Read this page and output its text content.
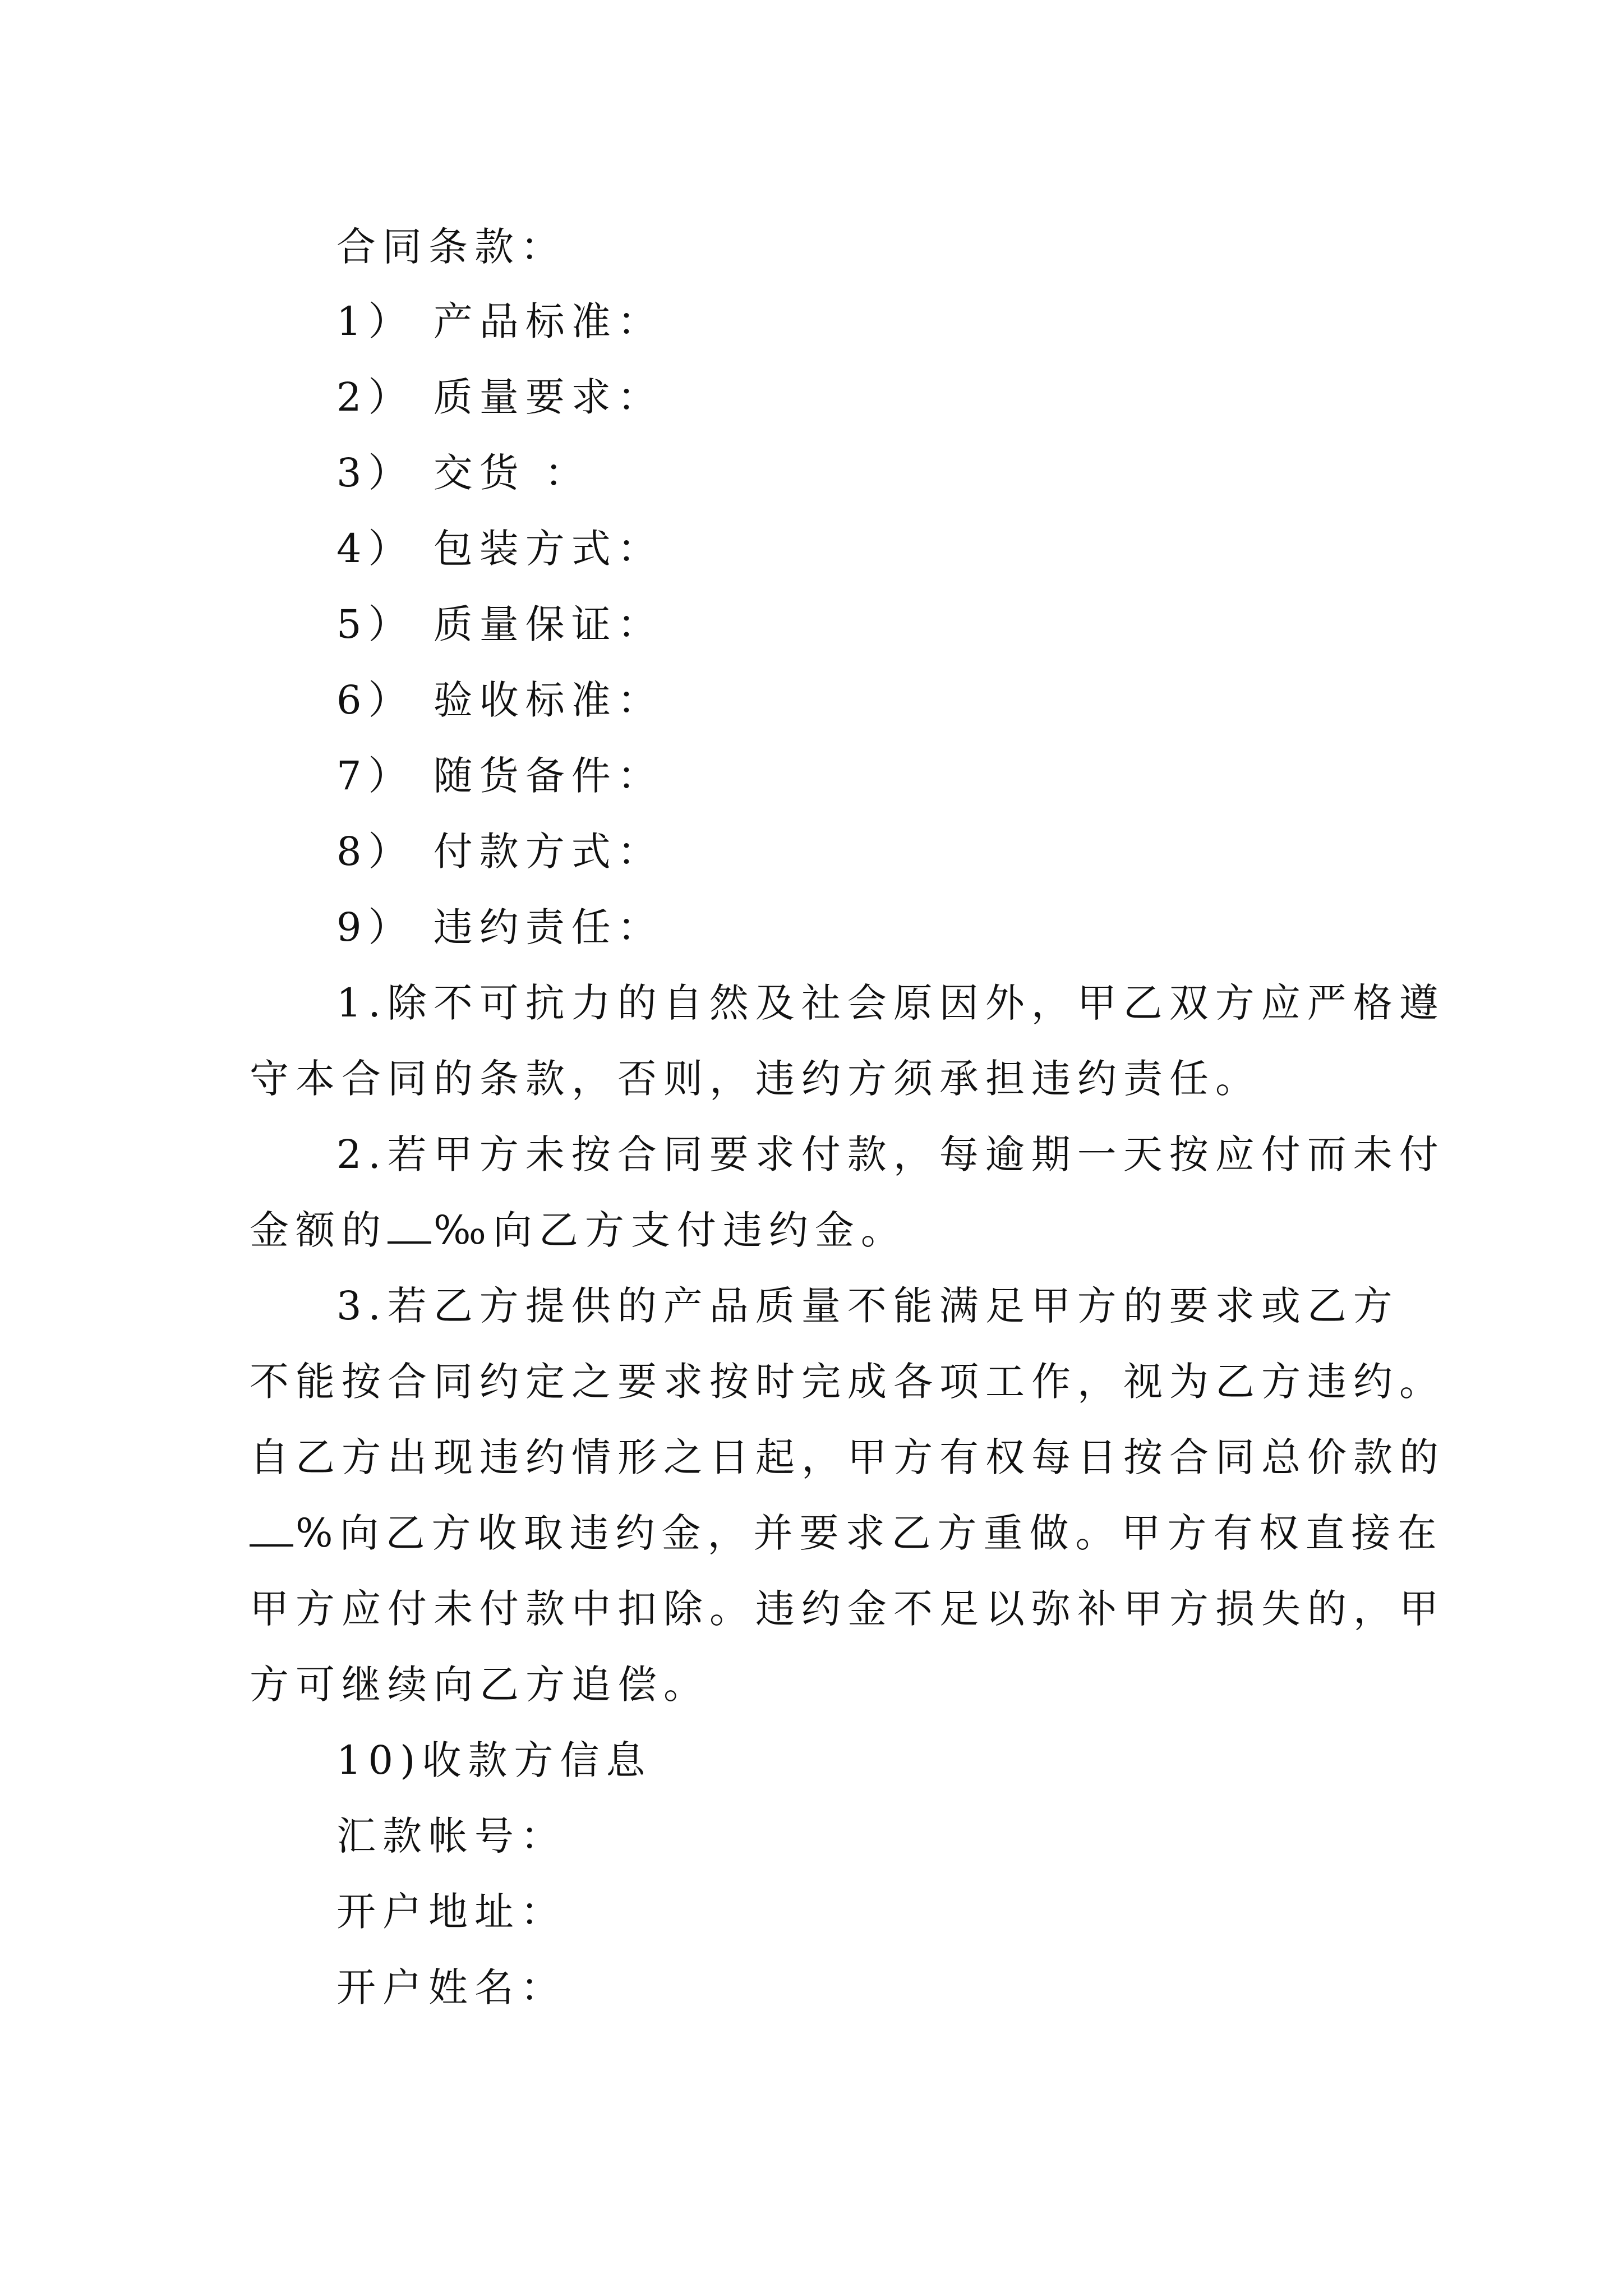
合同条款：
1） 产品标准：
2） 质量要求：
3） 交货 ：
4） 包装方式：
5） 质量保证：
6） 验收标准：
7） 随货备件：
8） 付款方式：
9） 违约责任：
1.除不可抗力的自然及社会原因外，甲乙双方应严格遵
守本合同的条款，否则，违约方须承担违约责任。
2.若甲方未按合同要求付款，每逾期一天按应付而未付
金额的 ‰向乙方支付违约金。
3.若乙方提供的产品质量不能满足甲方的要求或乙方
不能按合同约定之要求按时完成各项工作，视为乙方违约。
自乙方出现违约情形之日起，甲方有权每日按合同总价款的
%向乙方收取违约金，并要求乙方重做。甲方有权直接在
甲方应付未付款中扣除。违约金不足以弥补甲方损失的，甲
方可继续向乙方追偿。
10)收款方信息
汇款帐号：
开户地址：
开户姓名：
